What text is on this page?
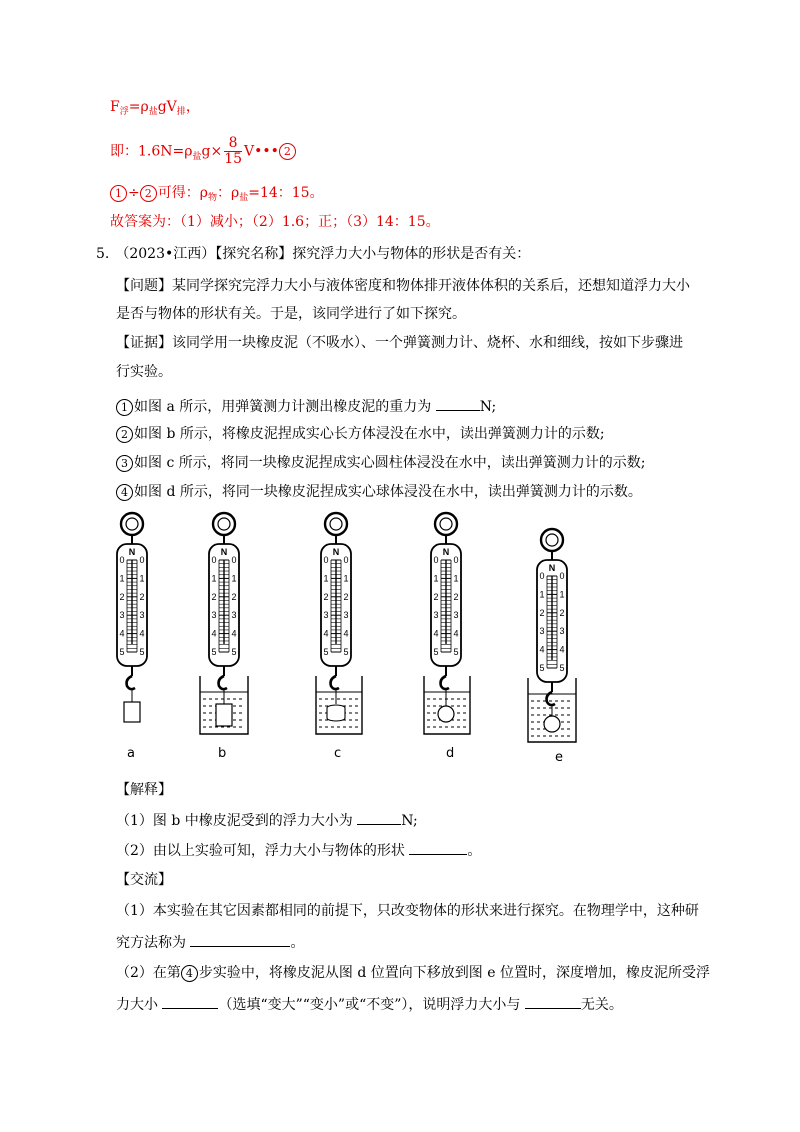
$F_浮=\rho_盐gV_排$，
即：$1.6N=\rho_盐g\times \frac{8}{15}$ V••• 2
1 ÷ 2 可得：$\rho_物$：$\rho_盐=14$：15。
故答案为：（1）减小；（2）1.6；正；（3）14：15。
5. （2023•江西）【探究名称】探究浮力大小与物体的形状是否有关：
【问题】某同学探究完浮力大小与液体密度和物体排开液体体积的关系后，还想知道浮力大小
是否与物体的形状有关。于是，该同学进行了如下探究。
【证据】该同学用一块橡皮泥（不吸水）、一个弹簧测力计、烧杯、水和细线，按如下步骤进
行实验。
1 如图 a 所示，用弹簧测力计测出橡皮泥的重力为	N;
2 如图 b 所示，将橡皮泥捏成实心长方体浸没在水中，读出弹簧测力计的示数;
3 如图 c 所示，将同一块橡皮泥捏成实心圆柱体浸没在水中，读出弹簧测力计的示数;
4 如图 d 所示，将同一块橡皮泥捏成实心球体浸没在水中，读出弹簧测力计的示数。
N
0 0
1 1
2 2
3 3
4 4
5 5
N
0 0
1 1
2 2
3 3
4 4
5 5
N
0 0
1 1
2 2
3 3
4 4
5 5
N
0 0
1 1
2 2
3 3
4 4
5 5
N
0 0
1 1
2 2
3 3
4 4
5 5
a	b	c	d	e
【解释】
（1）图 b 中橡皮泥受到的浮力大小为	N;
（2）由以上实验可知，浮力大小与物体的形状	。
【交流】
（1）本实验在其它因素都相同的前提下，只改变物体的形状来进行探究。在物理学中，这种研
究方法称为	。
（2）在第 4 步实验中，将橡皮泥从图 d 位置向下移放到图 e 位置时，深度增加，橡皮泥所受浮
力大小	（选填“变大”“变小”或“不变”），说明浮力大小与	无关。
